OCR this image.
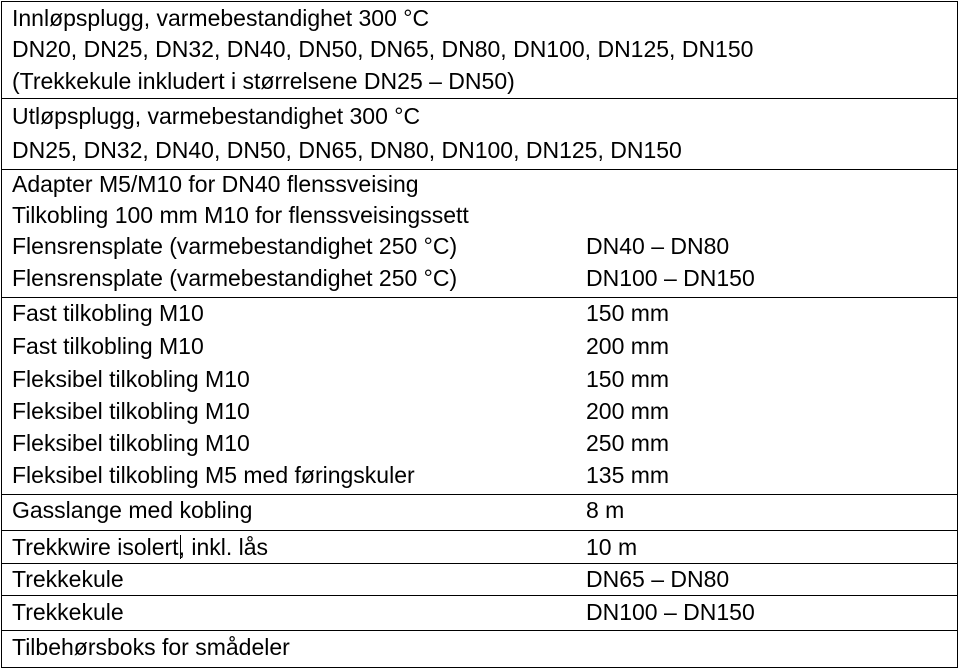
Innløpsplugg, varmebestandighet 300 °C
DN20, DN25, DN32, DN40, DN50, DN65, DN80, DN100, DN125, DN150
(Trekkekule inkludert i størrelsene DN25 – DN50)
Utløpsplugg, varmebestandighet 300 °C
DN25, DN32, DN40, DN50, DN65, DN80, DN100, DN125, DN150
Adapter M5/M10 for DN40 flenssveising
Tilkobling 100 mm M10 for flenssveisingssett
Flensrensplate (varmebestandighet 250 °C)	DN40 – DN80
Flensrensplate (varmebestandighet 250 °C)	DN100 – DN150
Fast tilkobling M10	150 mm
Fast tilkobling M10	200 mm
Fleksibel tilkobling M10	150 mm
Fleksibel tilkobling M10	200 mm
Fleksibel tilkobling M10	250 mm
Fleksibel tilkobling M5 med føringskuler	135 mm
Gasslange med kobling	8 m
Trekkwire isolert, inkl. lås	10 m
Trekkekule	DN65 – DN80
Trekkekule	DN100 – DN150
Tilbehørsboks for smådeler
